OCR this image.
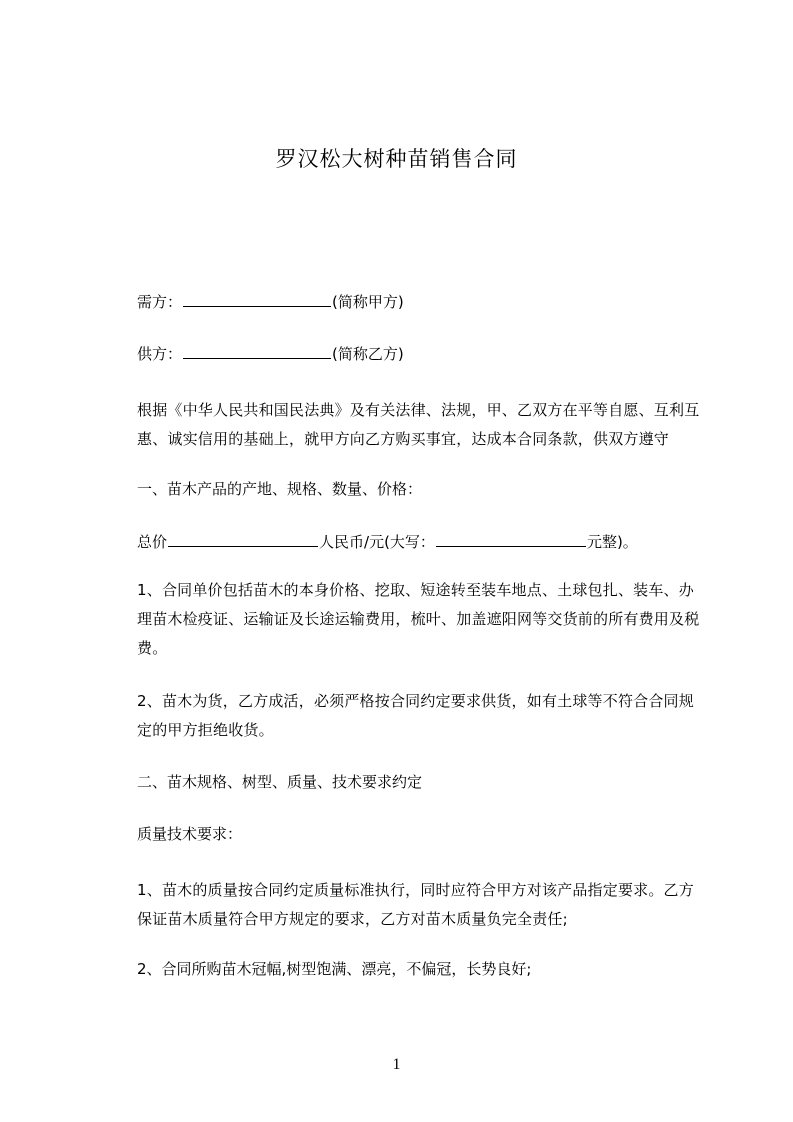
罗汉松大树种苗销售合同
需方：	(简称甲方)
供方：	(简称乙方)
根据《中华人民共和国民法典》及有关法律、法规，甲、乙双方在平等自愿、互利互惠、诚实信用的基础上，就甲方向乙方购买事宜，达成本合同条款，供双方遵守
一、苗木产品的产地、规格、数量、价格：
总价	人民币/元(大写：	元整)。
1、合同单价包括苗木的本身价格、挖取、短途转至装车地点、土球包扎、装车、办理苗木检疫证、运输证及长途运输费用，梳叶、加盖遮阳网等交货前的所有费用及税费。
2、苗木为货，乙方成活，必须严格按合同约定要求供货，如有土球等不符合合同规定的甲方拒绝收货。
二、苗木规格、树型、质量、技术要求约定
质量技术要求：
1、苗木的质量按合同约定质量标准执行，同时应符合甲方对该产品指定要求。乙方保证苗木质量符合甲方规定的要求，乙方对苗木质量负完全责任;
2、合同所购苗木冠幅,树型饱满、漂亮，不偏冠，长势良好;
1
